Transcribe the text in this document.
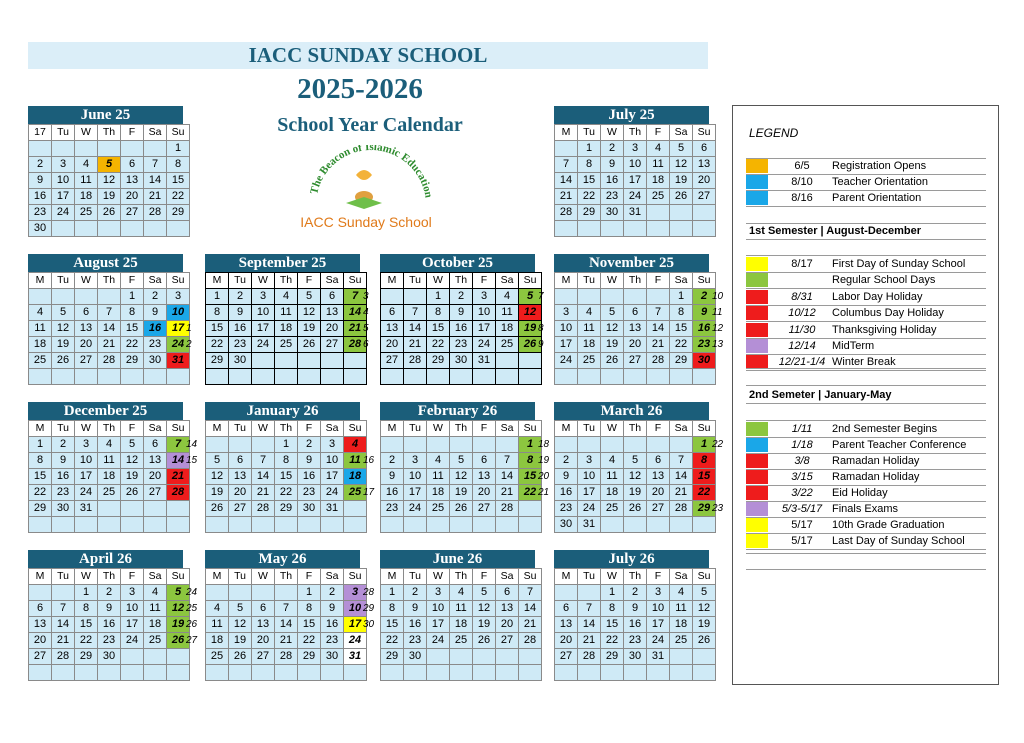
IACC SUNDAY SCHOOL
2025-2026
School Year Calendar
The Beacon of Islamic Education
IACC Sunday School
June 25
17	Tu	W	Th	F	Sa	Su
						1
2	3	4	5	6	7	8
9	10	11	12	13	14	15
16	17	18	19	20	21	22
23	24	25	26	27	28	29
30						
July 25
M	Tu	W	Th	F	Sa	Su
	1	2	3	4	5	6
7	8	9	10	11	12	13
14	15	16	17	18	19	20
21	22	23	24	25	26	27
28	29	30	31			

August 25
M	Tu	W	Th	F	Sa	Su
				1	2	3
4	5	6	7	8	9	10
11	12	13	14	15	16	17
18	19	20	21	22	23	24
25	26	27	28	29	30	31

1
2
September 25
M	Tu	W	Th	F	Sa	Su
1	2	3	4	5	6	7
8	9	10	11	12	13	14
15	16	17	18	19	20	21
22	23	24	25	26	27	28
29	30					

3
4
5
6
October 25
M	Tu	W	Th	F	Sa	Su
		1	2	3	4	5
6	7	8	9	10	11	12
13	14	15	16	17	18	19
20	21	22	23	24	25	26
27	28	29	30	31		

7
8
9
November 25
M	Tu	W	Th	F	Sa	Su
					1	2
3	4	5	6	7	8	9
10	11	12	13	14	15	16
17	18	19	20	21	22	23
24	25	26	27	28	29	30

10
11
12
13
December 25
M	Tu	W	Th	F	Sa	Su
1	2	3	4	5	6	7
8	9	10	11	12	13	14
15	16	17	18	19	20	21
22	23	24	25	26	27	28
29	30	31				

14
15
January 26
M	Tu	W	Th	F	Sa	Su
			1	2	3	4
5	6	7	8	9	10	11
12	13	14	15	16	17	18
19	20	21	22	23	24	25
26	27	28	29	30	31	

16
17
February 26
M	Tu	W	Th	F	Sa	Su
						1
2	3	4	5	6	7	8
9	10	11	12	13	14	15
16	17	18	19	20	21	22
23	24	25	26	27	28	

18
19
20
21
March 26
M	Tu	W	Th	F	Sa	Su
						1
2	3	4	5	6	7	8
9	10	11	12	13	14	15
16	17	18	19	20	21	22
23	24	25	26	27	28	29
30	31					
22
23
April 26
M	Tu	W	Th	F	Sa	Su
		1	2	3	4	5
6	7	8	9	10	11	12
13	14	15	16	17	18	19
20	21	22	23	24	25	26
27	28	29	30			

24
25
26
27
May 26
M	Tu	W	Th	F	Sa	Su
				1	2	3
4	5	6	7	8	9	10
11	12	13	14	15	16	17
18	19	20	21	22	23	24
25	26	27	28	29	30	31

28
29
30
June 26
M	Tu	W	Th	F	Sa	Su
1	2	3	4	5	6	7
8	9	10	11	12	13	14
15	16	17	18	19	20	21
22	23	24	25	26	27	28
29	30					

July 26
M	Tu	W	Th	F	Sa	Su
		1	2	3	4	5
6	7	8	9	10	11	12
13	14	15	16	17	18	19
20	21	22	23	24	25	26
27	28	29	30	31		

LEGEND
6/5	Registration Opens
8/10	Teacher Orientation
8/16	Parent Orientation
1st Semester | August-December
8/17	First Day of Sunday School
Regular School Days
8/31	Labor Day Holiday
10/12	Columbus Day Holiday
11/30	Thanksgiving Holiday
12/14	MidTerm
12/21-1/4 Winter Break
2nd Semeter | January-May
1/11	2nd Semester Begins
1/18	Parent Teacher Conference
3/8	Ramadan Holiday
3/15	Ramadan Holiday
3/22	Eid Holiday
5/3-5/17 Finals Exams
5/17	10th Grade Graduation
5/17	Last Day of Sunday School
